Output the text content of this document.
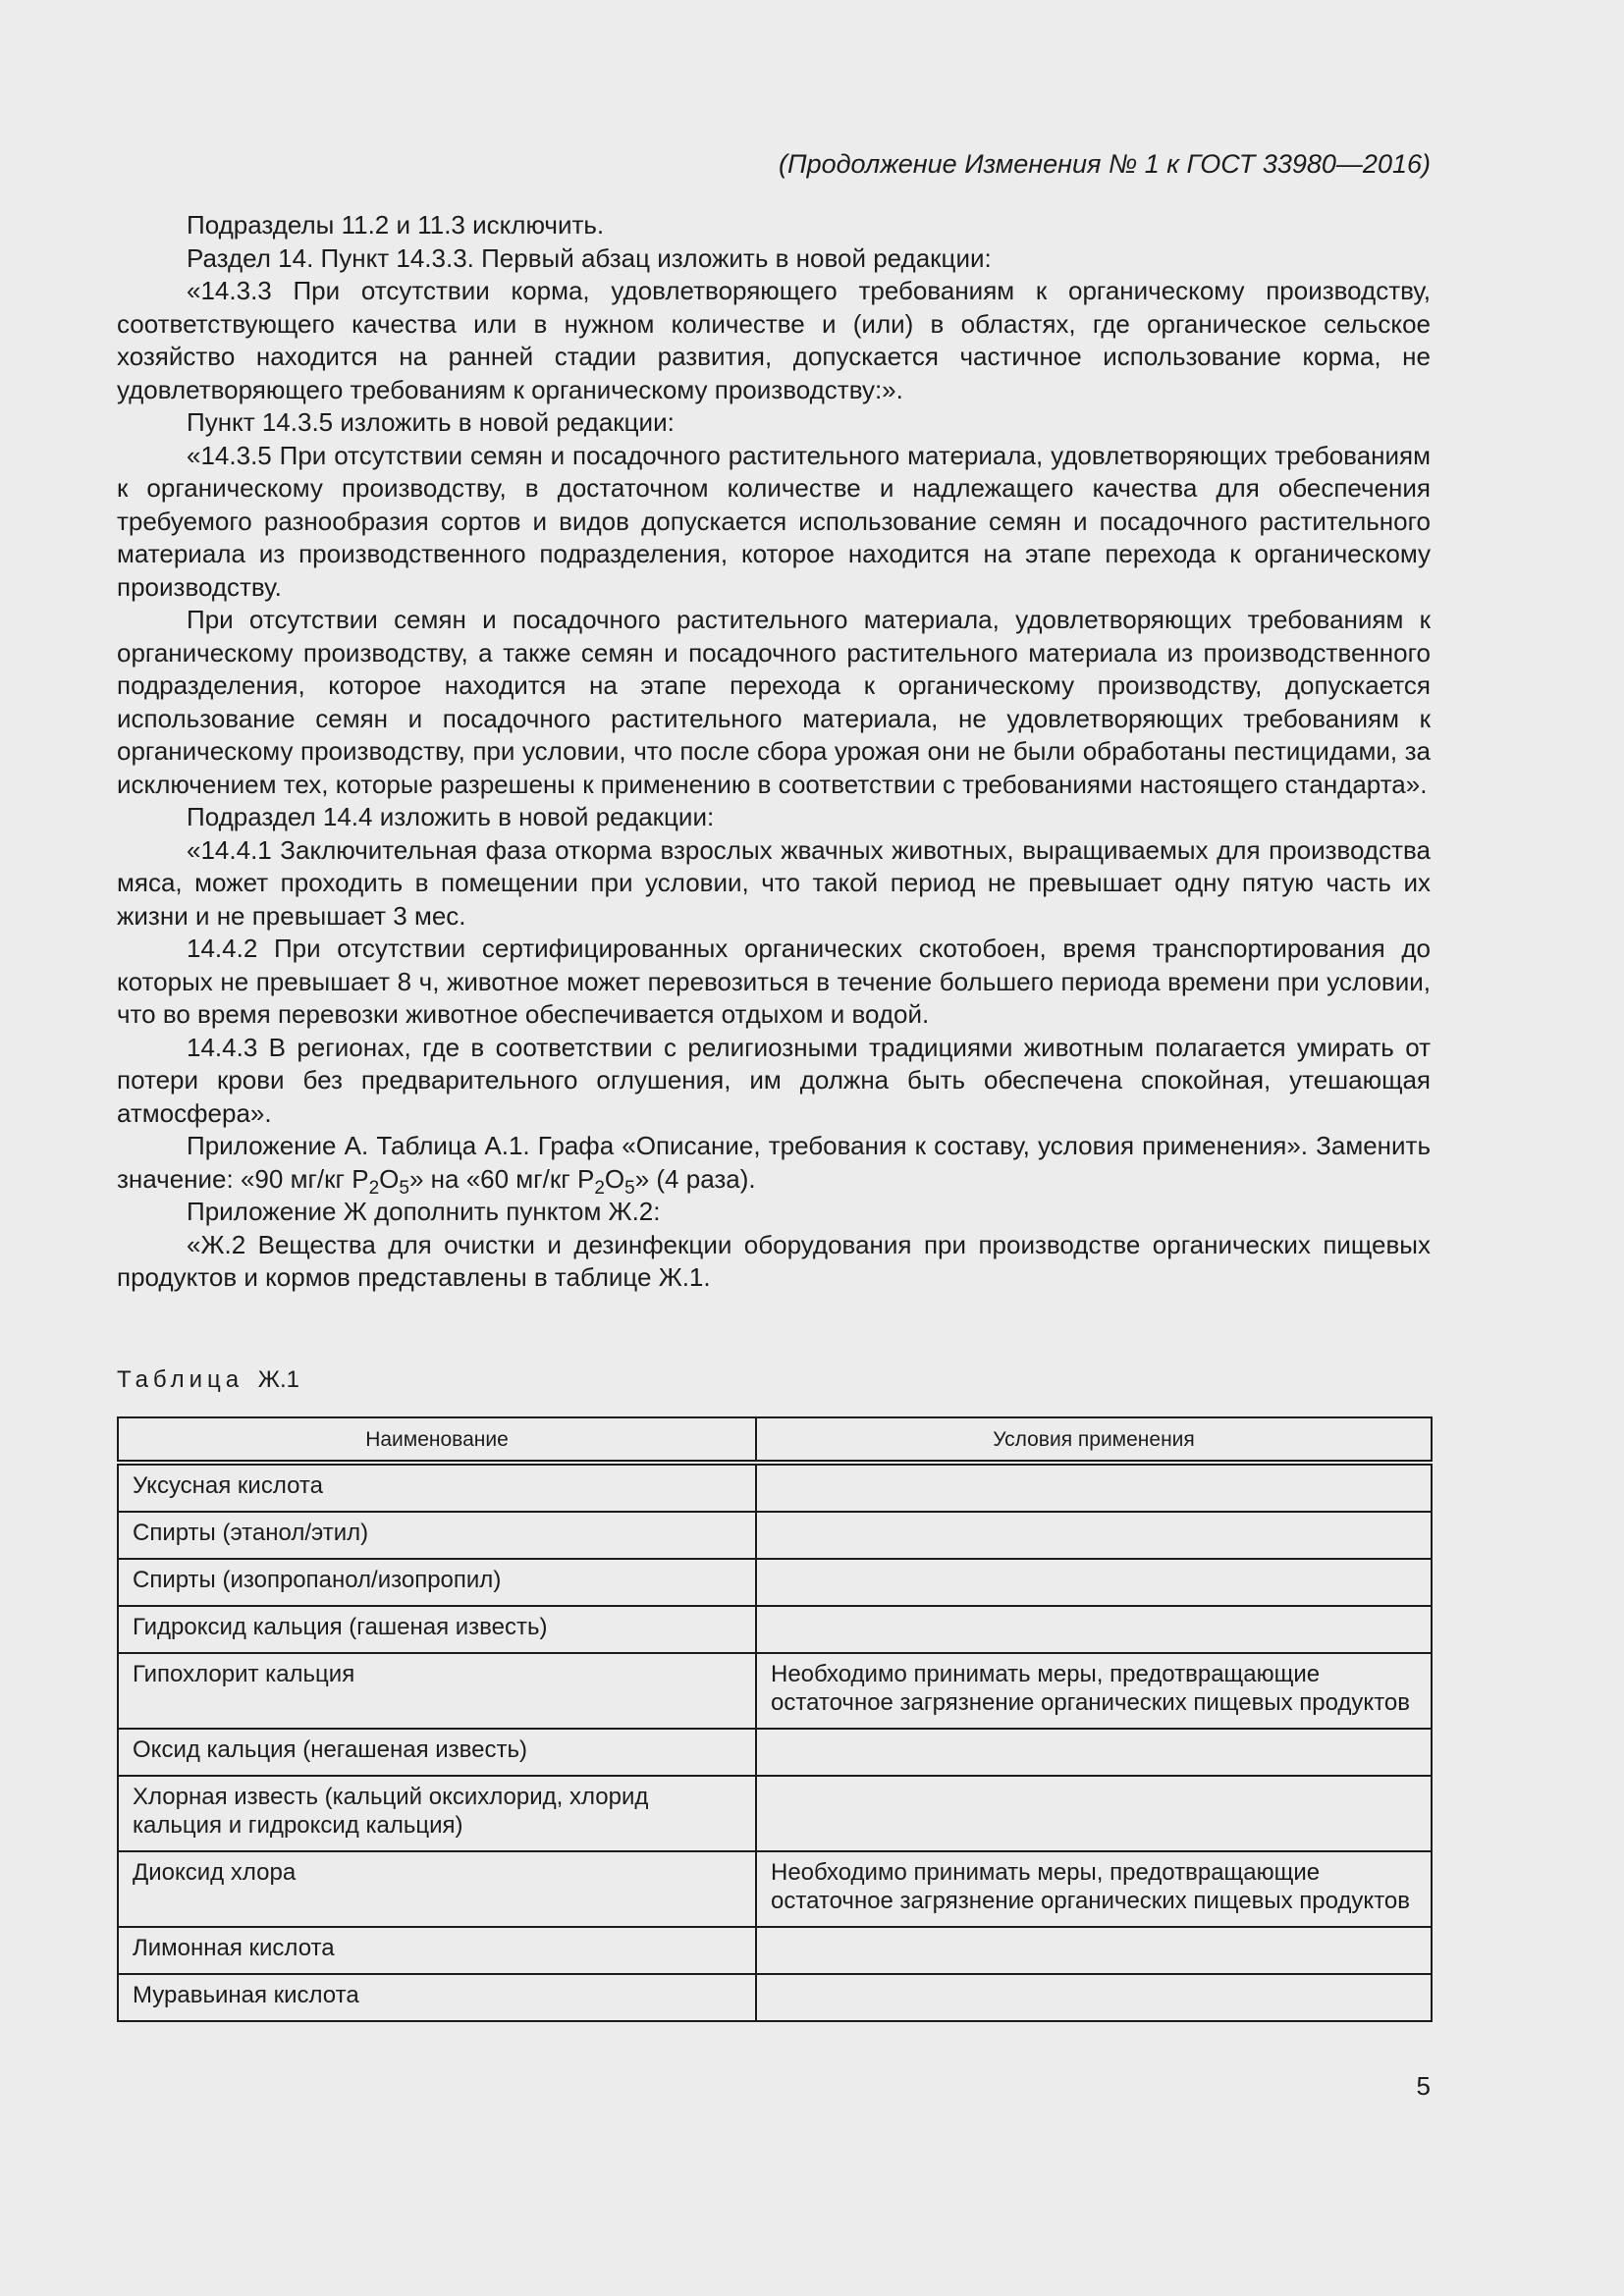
(Продолжение Изменения № 1 к ГОСТ 33980—2016)

Подразделы 11.2 и 11.3 исключить.

Раздел 14. Пункт 14.3.3. Первый абзац изложить в новой редакции:

«14.3.3 При отсутствии корма, удовлетворяющего требованиям к органическому производству, соответствующего качества или в нужном количестве и (или) в областях, где органическое сельское хозяйство находится на ранней стадии развития, допускается частичное использование корма, не удовлетворяющего требованиям к органическому производству:».

Пункт 14.3.5 изложить в новой редакции:

«14.3.5 При отсутствии семян и посадочного растительного материала, удовлетворяющих требованиям к органическому производству, в достаточном количестве и надлежащего качества для обеспечения требуемого разнообразия сортов и видов допускается использование семян и посадочного растительного материала из производственного подразделения, которое находится на этапе перехода к органическому производству.

При отсутствии семян и посадочного растительного материала, удовлетворяющих требованиям к органическому производству, а также семян и посадочного растительного материала из производственного подразделения, которое находится на этапе перехода к органическому производству, допускается использование семян и посадочного растительного материала, не удовлетворяющих требованиям к органическому производству, при условии, что после сбора урожая они не были обработаны пестицидами, за исключением тех, которые разрешены к применению в соответствии с требованиями настоящего стандарта».

Подраздел 14.4 изложить в новой редакции:

«14.4.1 Заключительная фаза откорма взрослых жвачных животных, выращиваемых для производства мяса, может проходить в помещении при условии, что такой период не превышает одну пятую часть их жизни и не превышает 3 мес.

14.4.2 При отсутствии сертифицированных органических скотобоен, время транспортирования до которых не превышает 8 ч, животное может перевозиться в течение большего периода времени при условии, что во время перевозки животное обеспечивается отдыхом и водой.

14.4.3 В регионах, где в соответствии с религиозными традициями животным полагается умирать от потери крови без предварительного оглушения, им должна быть обеспечена спокойная, утешающая атмосфера».

Приложение А. Таблица А.1. Графа «Описание, требования к составу, условия применения». Заменить значение: «90 мг/кг $P_2O_5$» на «60 мг/кг $P_2O_5$» (4 раза).

Приложение Ж дополнить пунктом Ж.2:

«Ж.2 Вещества для очистки и дезинфекции оборудования при производстве органических пищевых продуктов и кормов представлены в таблице Ж.1.

Таблица Ж.1
Наименование	Условия применения
Уксусная кислота	
Спирты (этанол/этил)	
Спирты (изопропанол/изопропил)	
Гидроксид кальция (гашеная известь)	
Гипохлорит кальция	Необходимо принимать меры, предотвращающие остаточное загрязнение органических пищевых продуктов
Оксид кальция (негашеная известь)	
Хлорная известь (кальций оксихлорид, хлорид кальция и гидроксид кальция)	
Диоксид хлора	Необходимо принимать меры, предотвращающие остаточное загрязнение органических пищевых продуктов
Лимонная кислота	
Муравьиная кислота	
5
